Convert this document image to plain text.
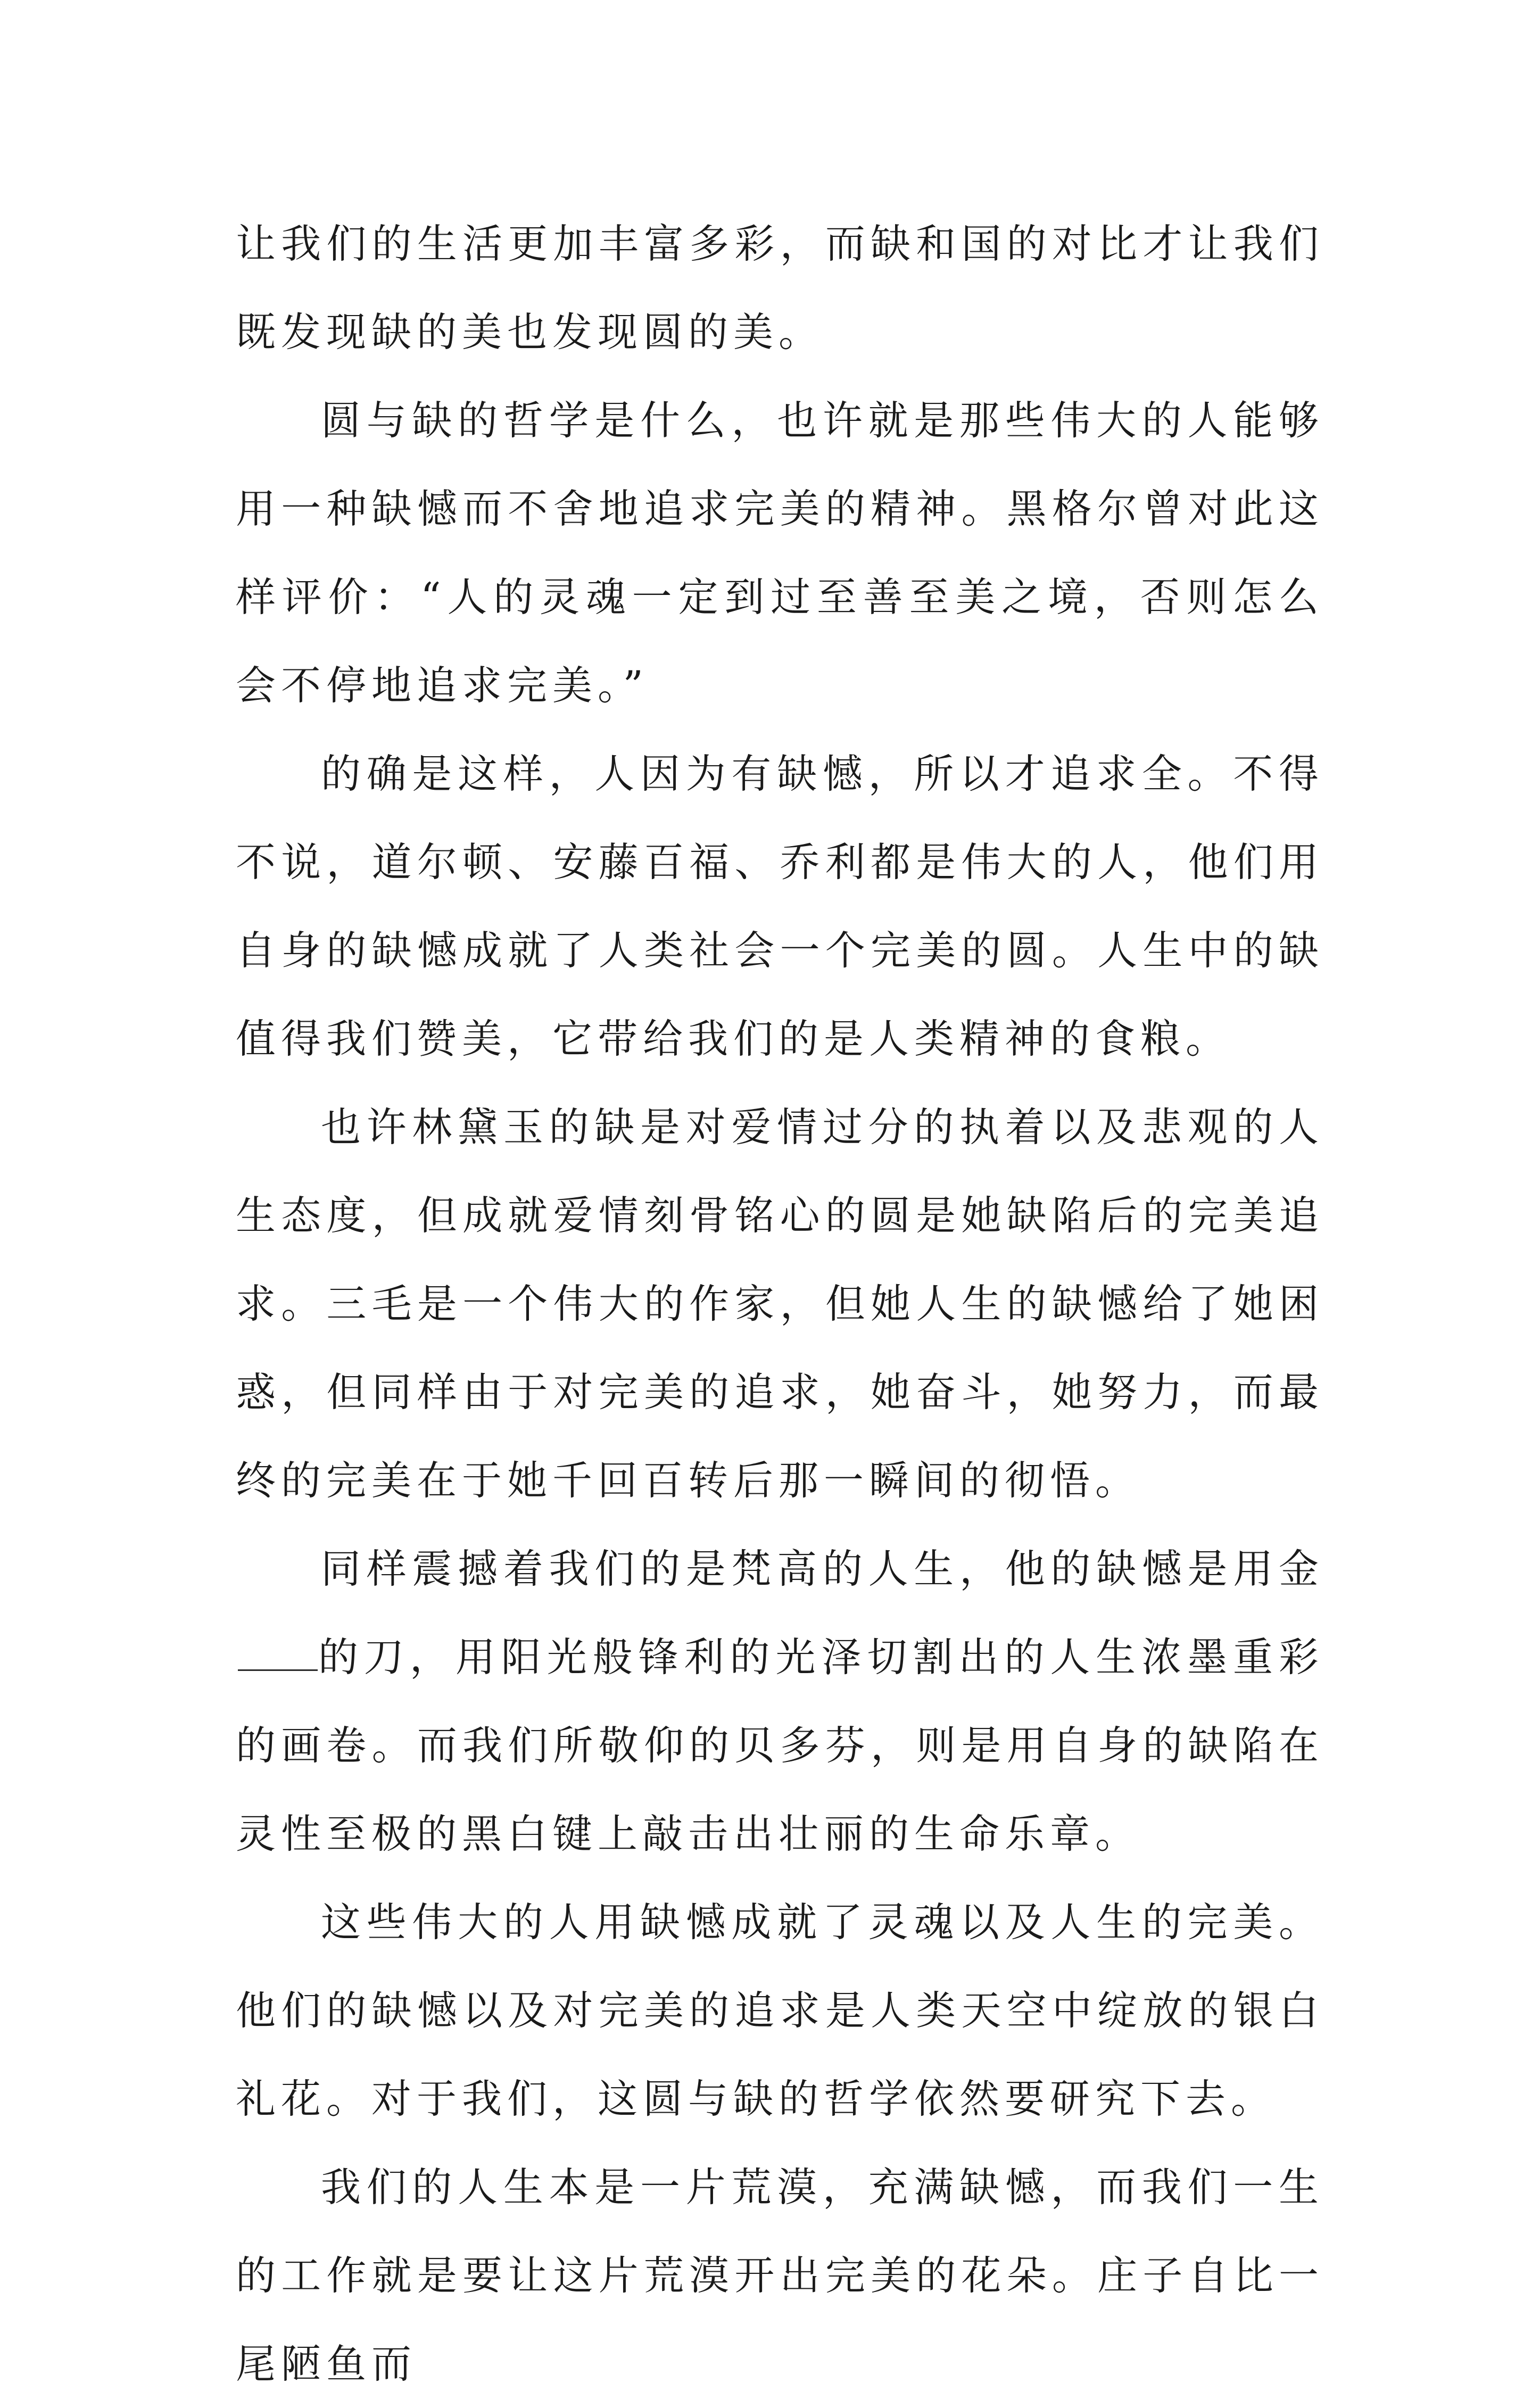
让我们的生活更加丰富多彩，而缺和国的对比才让我们既发现缺的美也发现圆的美。

圆与缺的哲学是什么，也许就是那些伟大的人能够用一种缺憾而不舍地追求完美的精神。黑格尔曾对此这样评价：“人的灵魂一定到过至善至美之境，否则怎么会不停地追求完美。”

的确是这样，人因为有缺憾，所以才追求全。不得不说，道尔顿、安藤百福、乔利都是伟大的人，他们用自身的缺憾成就了人类社会一个完美的圆。人生中的缺值得我们赞美，它带给我们的是人类精神的食粮。

也许林黛玉的缺是对爱情过分的执着以及悲观的人生态度，但成就爱情刻骨铭心的圆是她缺陷后的完美追求。三毛是一个伟大的作家，但她人生的缺憾给了她困惑，但同样由于对完美的追求，她奋斗，她努力，而最终的完美在于她千回百转后那一瞬间的彻悟。

同样震撼着我们的是梵高的人生，他的缺憾是用金的刀，用阳光般锋利的光泽切割出的人生浓墨重彩的画卷。而我们所敬仰的贝多芬，则是用自身的缺陷在灵性至极的黑白键上敲击出壮丽的生命乐章。

这些伟大的人用缺憾成就了灵魂以及人生的完美。他们的缺憾以及对完美的追求是人类天空中绽放的银白礼花。对于我们，这圆与缺的哲学依然要研究下去。

我们的人生本是一片荒漠，充满缺憾，而我们一生的工作就是要让这片荒漠开出完美的花朵。庄子自比一尾陋鱼而
